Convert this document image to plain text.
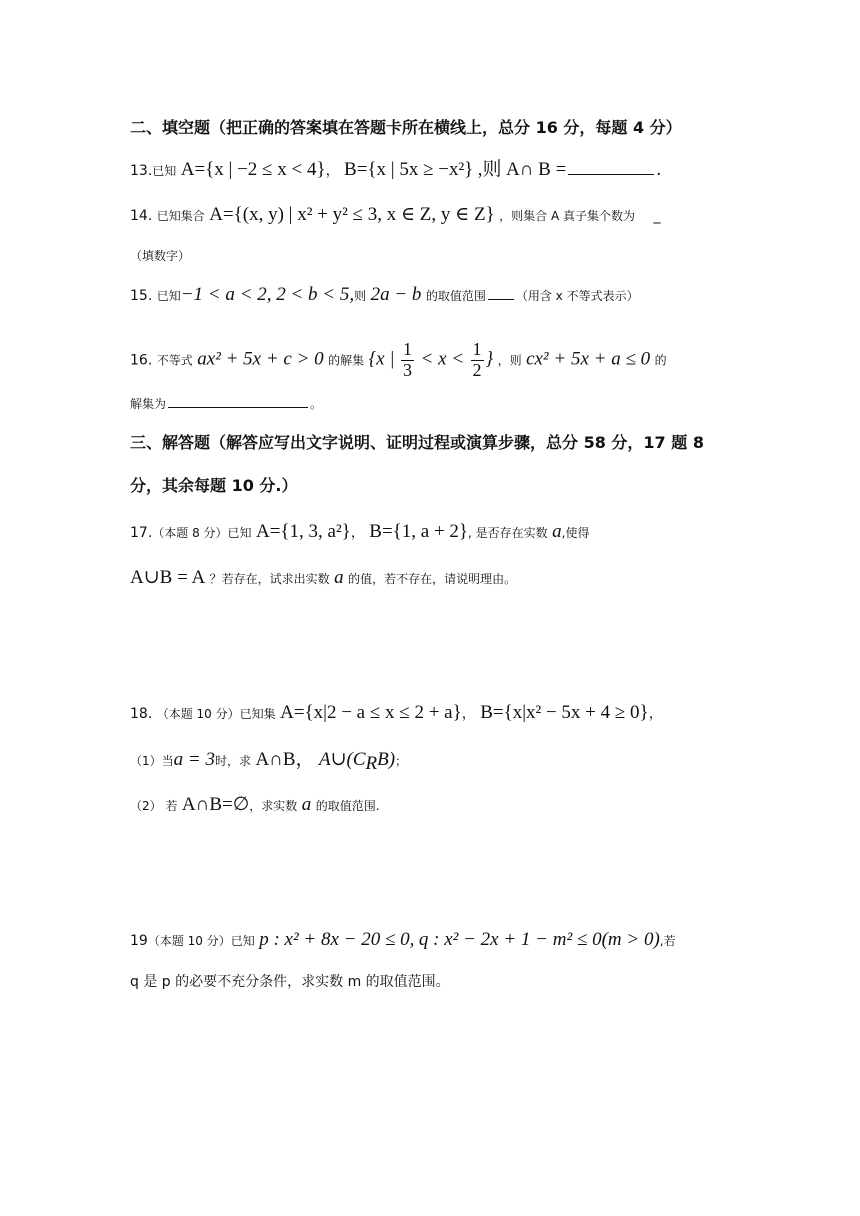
二、填空题（把正确的答案填在答题卡所在横线上，总分 16 分，每题 4 分）
13.已知 A={x | −2 ≤ x < 4}， B={x | 5x ≥ −x²} ,则 A∩ B =	.
14. 已知集合 A={(x, y) | x² + y² ≤ 3, x ∈ Z, y ∈ Z} ，则集合 A 真子集个数为 _
（填数字）
15. 已知−1 < a < 2, 2 < b < 5,则 2a − b 的取值范围	（用含 x 不等式表示）
16. 不等式 ax² + 5x + c > 0 的解集 {x | $\frac{1}{3} < x < \frac{1}{2}$ } ，则 cx² + 5x + a ≤ 0 的
解集为	。
三、解答题（解答应写出文字说明、证明过程或演算步骤，总分 58 分，17 题 8
分，其余每题 10 分.）
17.（本题 8 分）已知 A={1, 3, a²}， B={1, a + 2}, 是否存在实数 a,使得
A∪B = A ？若存在，试求出实数 a 的值，若不存在，请说明理由。
18. （本题 10 分）已知集 A={x|2 − a ≤ x ≤ 2 + a}， B={x|x² − 5x + 4 ≥ 0}，
（1）当a = 3时，求 A∩B， $A\cup(C_RB)$；
（2） 若 A∩B=∅，求实数 a 的取值范围.
19（本题 10 分）已知 p : x² + 8x − 20 ≤ 0, q : x² − 2x + 1 − m² ≤ 0(m > 0),若
q 是 p 的必要不充分条件，求实数 m 的取值范围。
